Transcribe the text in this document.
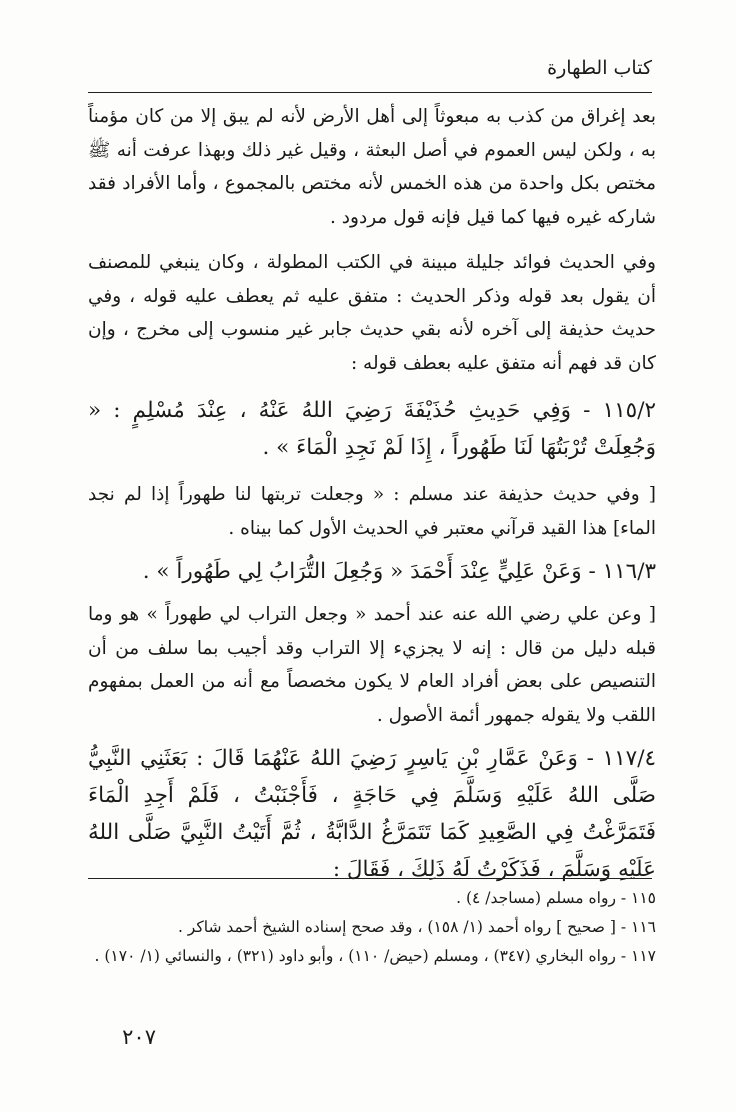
كتاب الطهارة

بعد إغراق من كذب به مبعوثاً إلى أهل الأرض لأنه لم يبق إلا من كان مؤمناً به ، ولكن ليس العموم في أصل البعثة ، وقيل غير ذلك وبهذا عرفت أنه ﷺ مختص بكل واحدة من هذه الخمس لأنه مختص بالمجموع ، وأما الأفراد فقد شاركه غيره فيها كما قيل فإنه قول مردود .

وفي الحديث فوائد جليلة مبينة في الكتب المطولة ، وكان ينبغي للمصنف أن يقول بعد قوله وذكر الحديث : متفق عليه ثم يعطف عليه قوله ، وفي حديث حذيفة إلى آخره لأنه بقي حديث جابر غير منسوب إلى مخرج ، وإن كان قد فهم أنه متفق عليه بعطف قوله :

١١٥/٢ - وَفِي حَدِيثِ حُذَيْفَةَ رَضِيَ اللهُ عَنْهُ ، عِنْدَ مُسْلِمٍ : « وَجُعِلَتْ تُرْبَتُهَا لَنَا طَهُوراً ، إِذَا لَمْ نَجِدِ الْمَاءَ » .

[ وفي حديث حذيفة عند مسلم : « وجعلت تربتها لنا طهوراً إذا لم نجد الماء] هذا القيد قرآني معتبر في الحديث الأول كما بيناه .

١١٦/٣ - وَعَنْ عَلِيٍّ عِنْدَ أَحْمَدَ « وَجُعِلَ التُّرَابُ لِي طَهُوراً » .

[ وعن علي رضي الله عنه عند أحمد « وجعل التراب لي طهوراً » هو وما قبله دليل من قال : إنه لا يجزيء إلا التراب وقد أجيب بما سلف من أن التنصيص على بعض أفراد العام لا يكون مخصصاً مع أنه من العمل بمفهوم اللقب ولا يقوله جمهور أئمة الأصول .

١١٧/٤ - وَعَنْ عَمَّارِ بْنِ يَاسِرٍ رَضِيَ اللهُ عَنْهُمَا قَالَ : بَعَثَنِي النَّبِيُّ صَلَّى اللهُ عَلَيْهِ وَسَلَّمَ فِي حَاجَةٍ ، فَأَجْنَبْتُ ، فَلَمْ أَجِدِ الْمَاءَ فَتَمَرَّغْتُ فِي الصَّعِيدِ كَمَا تَتَمَرَّغُ الدَّابَّةُ ، ثُمَّ أَتَيْتُ النَّبِيَّ صَلَّى اللهُ عَلَيْهِ وَسَلَّمَ ، فَذَكَرْتُ لَهُ ذَلِكَ ، فَقَالَ :

١١٥ - رواه مسلم (مساجد/ ٤) .

١١٦ - [ صحيح ] رواه أحمد (١/ ١٥٨) ، وقد صحح إسناده الشيخ أحمد شاكر .

١١٧ - رواه البخاري (٣٤٧) ، ومسلم (حيض/ ١١٠) ، وأبو داود (٣٢١) ، والنسائي (١/ ١٧٠) .

٢٠٧
